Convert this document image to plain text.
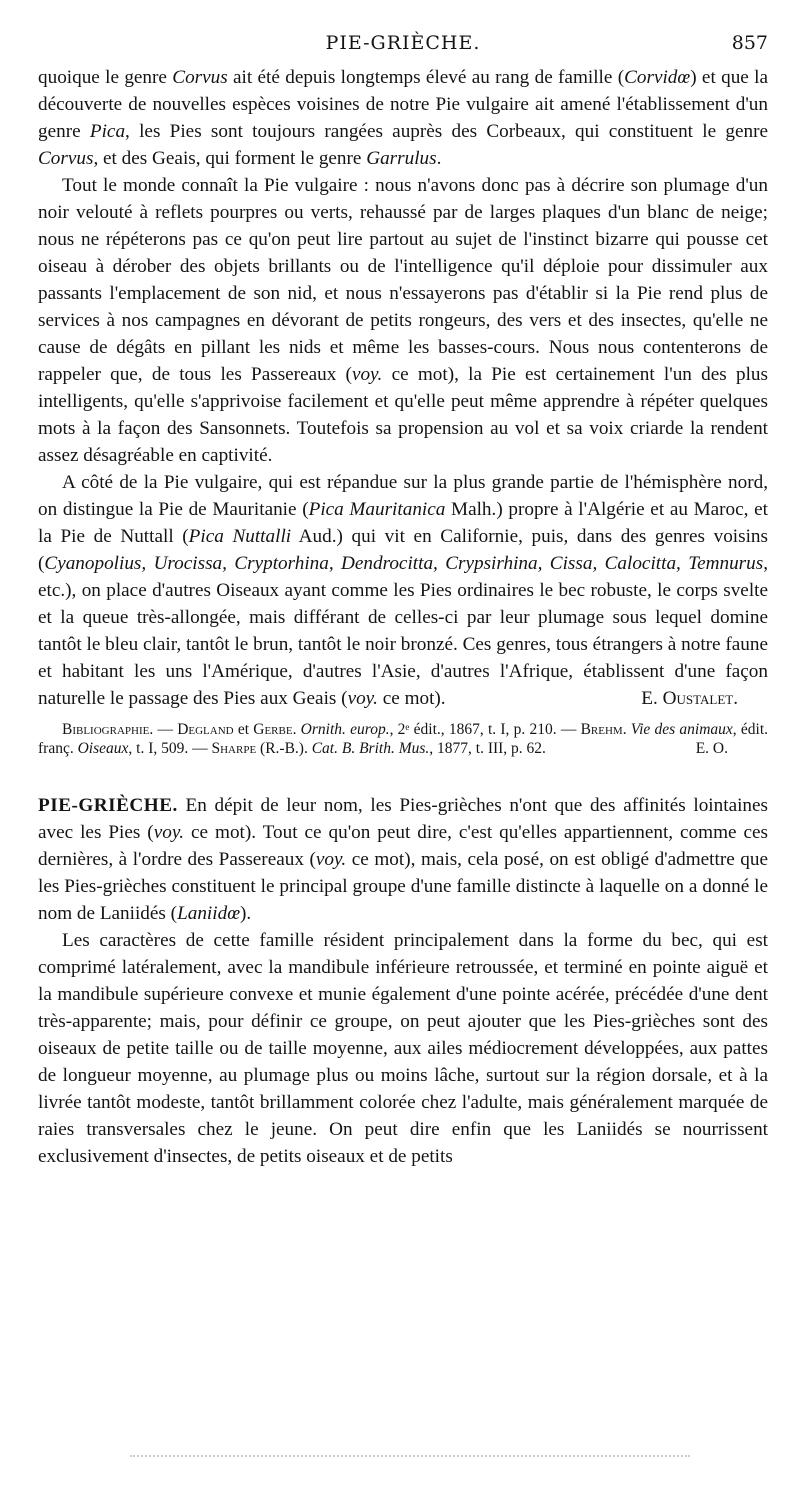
PIE-GRIÈCHE.	857

quoique le genre Corvus ait été depuis longtemps élevé au rang de famille (Corvidœ) et que la découverte de nouvelles espèces voisines de notre Pie vulgaire ait amené l'établissement d'un genre Pica, les Pies sont toujours rangées auprès des Corbeaux, qui constituent le genre Corvus, et des Geais, qui forment le genre Garrulus.

Tout le monde connaît la Pie vulgaire : nous n'avons donc pas à décrire son plumage d'un noir velouté à reflets pourpres ou verts, rehaussé par de larges plaques d'un blanc de neige; nous ne répéterons pas ce qu'on peut lire partout au sujet de l'instinct bizarre qui pousse cet oiseau à dérober des objets brillants ou de l'intelligence qu'il déploie pour dissimuler aux passants l'emplacement de son nid, et nous n'essayerons pas d'établir si la Pie rend plus de services à nos campagnes en dévorant de petits rongeurs, des vers et des insectes, qu'elle ne cause de dégâts en pillant les nids et même les basses-cours. Nous nous contenterons de rappeler que, de tous les Passereaux (voy. ce mot), la Pie est certainement l'un des plus intelligents, qu'elle s'apprivoise facilement et qu'elle peut même apprendre à répéter quelques mots à la façon des Sansonnets. Toutefois sa propension au vol et sa voix criarde la rendent assez désagréable en captivité.

A côté de la Pie vulgaire, qui est répandue sur la plus grande partie de l'hémisphère nord, on distingue la Pie de Mauritanie (Pica Mauritanica Malh.) propre à l'Algérie et au Maroc, et la Pie de Nuttall (Pica Nuttalli Aud.) qui vit en Californie, puis, dans des genres voisins (Cyanopolius, Urocissa, Cryptorhina, Dendrocitta, Crypsirhina, Cissa, Calocitta, Temnurus, etc.), on place d'autres Oiseaux ayant comme les Pies ordinaires le bec robuste, le corps svelte et la queue très-allongée, mais différant de celles-ci par leur plumage sous lequel domine tantôt le bleu clair, tantôt le brun, tantôt le noir bronzé. Ces genres, tous étrangers à notre faune et habitant les uns l'Amérique, d'autres l'Asie, d'autres l'Afrique, établissent d'une façon naturelle le passage des Pies aux Geais (voy. ce mot).	E. Oustalet.

Bibliographie. — Degland et Gerbe. Ornith. europ., 2ᵉ édit., 1867, t. I, p. 210. — Brehm. Vie des animaux, édit. franç. Oiseaux, t. I, 509. — Sharpe (R.-B.). Cat. B. Brith. Mus., 1877, t. III, p. 62.	E. O.

PIE-GRIÈCHE. En dépit de leur nom, les Pies-grièches n'ont que des affinités lointaines avec les Pies (voy. ce mot). Tout ce qu'on peut dire, c'est qu'elles appartiennent, comme ces dernières, à l'ordre des Passereaux (voy. ce mot), mais, cela posé, on est obligé d'admettre que les Pies-grièches constituent le principal groupe d'une famille distincte à laquelle on a donné le nom de Laniidés (Laniidœ).

Les caractères de cette famille résident principalement dans la forme du bec, qui est comprimé latéralement, avec la mandibule inférieure retroussée, et terminé en pointe aiguë et la mandibule supérieure convexe et munie également d'une pointe acérée, précédée d'une dent très-apparente; mais, pour définir ce groupe, on peut ajouter que les Pies-grièches sont des oiseaux de petite taille ou de taille moyenne, aux ailes médiocrement développées, aux pattes de longueur moyenne, au plumage plus ou moins lâche, surtout sur la région dorsale, et à la livrée tantôt modeste, tantôt brillamment colorée chez l'adulte, mais généralement marquée de raies transversales chez le jeune. On peut dire enfin que les Laniidés se nourrissent exclusivement d'insectes, de petits oiseaux et de petits
